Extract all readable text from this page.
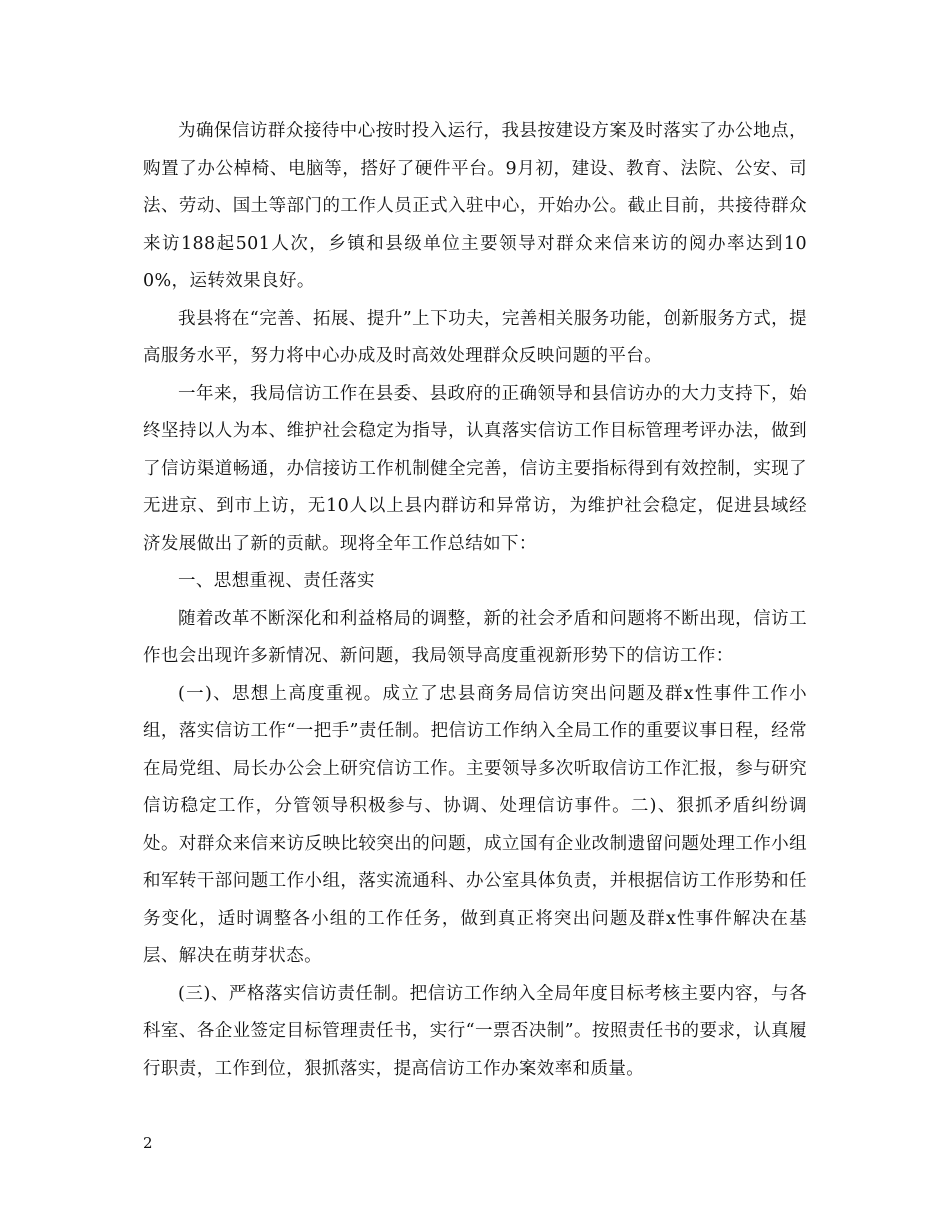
为确保信访群众接待中心按时投入运行，我县按建设方案及时落实了办公地点，购置了办公棹椅、电脑等，搭好了硬件平台。9月初，建设、教育、法院、公安、司法、劳动、国土等部门的工作人员正式入驻中心，开始办公。截止目前，共接待群众来访188起501人次，乡镇和县级单位主要领导对群众来信来访的阅办率达到100%，运转效果良好。

我县将在“完善、拓展、提升”上下功夫，完善相关服务功能，创新服务方式，提高服务水平，努力将中心办成及时高效处理群众反映问题的平台。

一年来，我局信访工作在县委、县政府的正确领导和县信访办的大力支持下，始终坚持以人为本、维护社会稳定为指导，认真落实信访工作目标管理考评办法，做到了信访渠道畅通，办信接访工作机制健全完善，信访主要指标得到有效控制，实现了无进京、到市上访，无10人以上县内群访和异常访，为维护社会稳定，促进县域经济发展做出了新的贡献。现将全年工作总结如下：

一、思想重视、责任落实

随着改革不断深化和利益格局的调整，新的社会矛盾和问题将不断出现，信访工作也会出现许多新情况、新问题，我局领导高度重视新形势下的信访工作：

(一)、思想上高度重视。成立了忠县商务局信访突出问题及群x性事件工作小组，落实信访工作“一把手”责任制。把信访工作纳入全局工作的重要议事日程，经常在局党组、局长办公会上研究信访工作。主要领导多次听取信访工作汇报，参与研究信访稳定工作，分管领导积极参与、协调、处理信访事件。二)、狠抓矛盾纠纷调处。对群众来信来访反映比较突出的问题，成立国有企业改制遗留问题处理工作小组和军转干部问题工作小组，落实流通科、办公室具体负责，并根据信访工作形势和任务变化，适时调整各小组的工作任务，做到真正将突出问题及群x性事件解决在基层、解决在萌芽状态。

(三)、严格落实信访责任制。把信访工作纳入全局年度目标考核主要内容，与各科室、各企业签定目标管理责任书，实行“一票否决制”。按照责任书的要求，认真履行职责，工作到位，狠抓落实，提高信访工作办案效率和质量。

2
